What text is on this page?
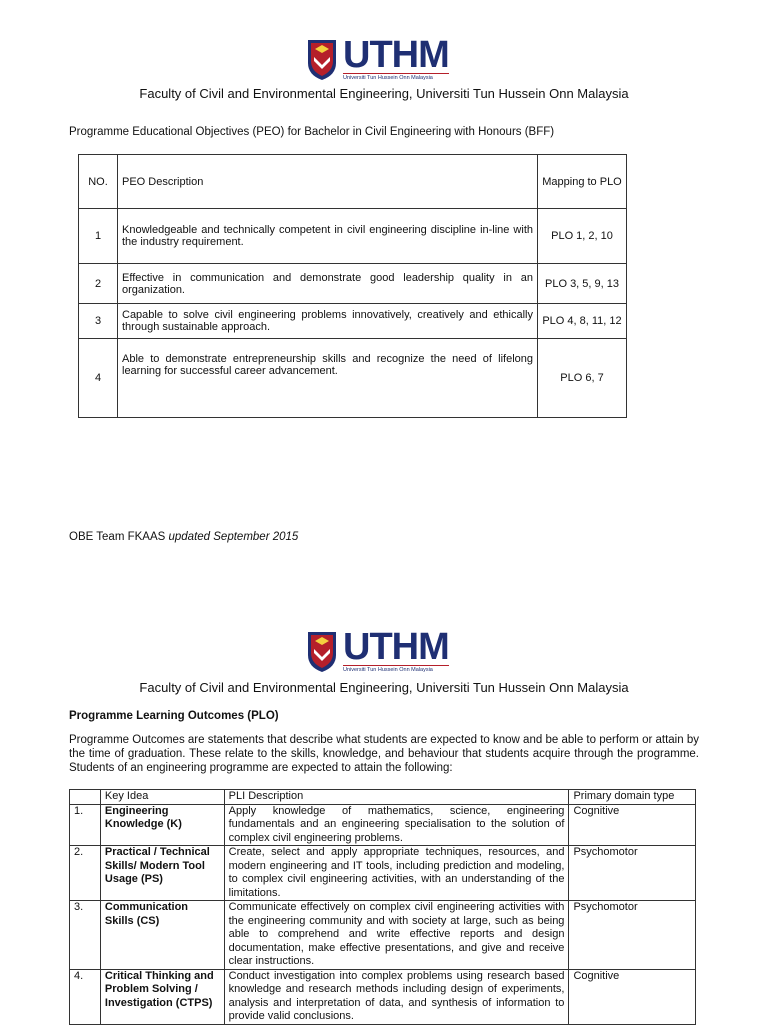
UTHM
Universiti Tun Hussein Onn Malaysia
Faculty of Civil and Environmental Engineering, Universiti Tun Hussein Onn Malaysia
Programme Educational Objectives (PEO) for Bachelor in Civil Engineering with Honours (BFF)
NO.	PEO Description	Mapping to PLO
1	Knowledgeable and technically competent in civil engineering discipline in-line with the industry requirement.	PLO 1, 2, 10
2	Effective in communication and demonstrate good leadership quality in an organization.	PLO 3, 5, 9, 13
3	Capable to solve civil engineering problems innovatively, creatively and ethically through sustainable approach.	PLO 4, 8, 11, 12
4	Able to demonstrate entrepreneurship skills and recognize the need of lifelong learning for successful career advancement.	PLO 6, 7
OBE Team FKAAS updated September 2015
UTHM
Universiti Tun Hussein Onn Malaysia
Faculty of Civil and Environmental Engineering, Universiti Tun Hussein Onn Malaysia
Programme Learning Outcomes (PLO)
Programme Outcomes are statements that describe what students are expected to know and be able to perform or attain by the time of graduation. These relate to the skills, knowledge, and behaviour that students acquire through the programme. Students of an engineering programme are expected to attain the following:
	Key Idea	PLI Description	Primary domain type
1.	Engineering Knowledge (K)	Apply knowledge of mathematics, science, engineering fundamentals and an engineering specialisation to the solution of complex civil engineering problems.	Cognitive
2.	Practical / Technical Skills/ Modern Tool Usage (PS)	Create, select and apply appropriate techniques, resources, and modern engineering and IT tools, including prediction and modeling, to complex civil engineering activities, with an understanding of the limitations.	Psychomotor
3.	Communication Skills (CS)	Communicate effectively on complex civil engineering activities with the engineering community and with society at large, such as being able to comprehend and write effective reports and design documentation, make effective presentations, and give and receive clear instructions.	Psychomotor
4.	Critical Thinking and Problem Solving / Investigation (CTPS)	Conduct investigation into complex problems using research based knowledge and research methods including design of experiments, analysis and interpretation of data, and synthesis of information to provide valid conclusions.	Cognitive
